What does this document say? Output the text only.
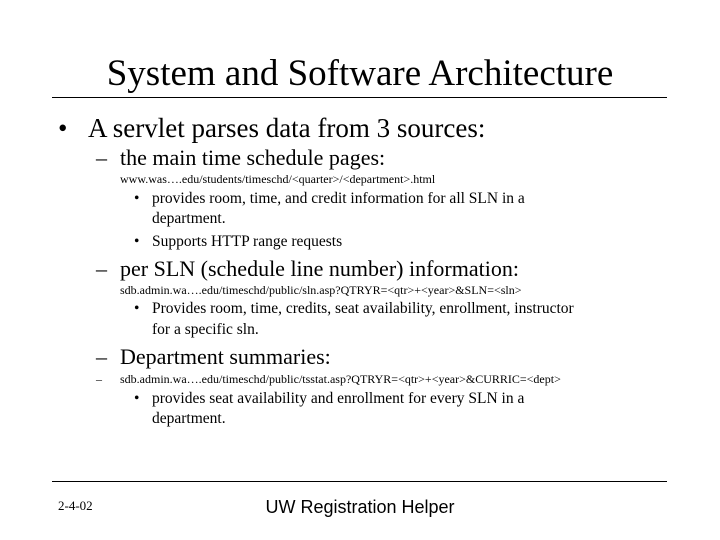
System and Software Architecture
• A servlet parses data from 3 sources:
– the main time schedule pages:
www.was….edu/students/timeschd/<quarter>/<department>.html
• provides room, time, and credit information for all SLN in a
department.
• Supports HTTP range requests
– per SLN (schedule line number) information:
sdb.admin.wa….edu/timeschd/public/sln.asp?QTRYR=<qtr>+<year>&SLN=<sln>
• Provides room, time, credits, seat availability, enrollment, instructor
for a specific sln.
– Department summaries:
– sdb.admin.wa….edu/timeschd/public/tsstat.asp?QTRYR=<qtr>+<year>&CURRIC=<dept>
• provides seat availability and enrollment for every SLN in a
department.
2-4-02	UW Registration Helper
